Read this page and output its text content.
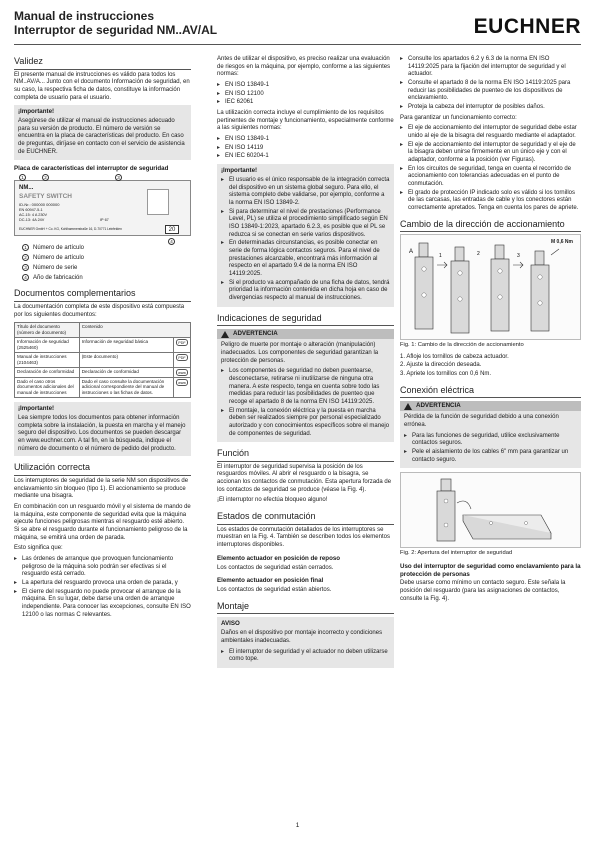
Manual de instrucciones
Interruptor de seguridad NM..AV/AL	EUCHNER
Validez

El presente manual de instrucciones es válido para todos los NM..AV/A... Junto con el documento Información de seguridad, en su caso, la respectiva ficha de datos, constituye la información completa de usuario para el usuario.

¡Importante!
Asegúrese de utilizar el manual de instrucciones adecuado para su versión de producto. El número de versión se encuentra en la placa de características del producto. En caso de preguntas, diríjase en contacto con el servicio de asistencia de EUCHNER.
Placa de características del interruptor de seguridad
1	2	3
NM...
SAFETY SWITCH
ID-Nr.: 000000 000000
EN 60947-5-1
AC-15: 4 A 230V
DC-13: 4A 24V	IP 67
EUCHNER GmbH + Co. KG, Kohlhammerstraße 16, D-70771 Leinfelden	20
4
1 Número de artículo
2 Número de artículo
3 Número de serie
4 Año de fabricación
Documentos complementarios

La documentación completa de este dispositivo está compuesta por los siguientes documentos:

Título del documento (número de documento)	Contenido	
Información de seguridad (2525460)	Información de seguridad básica	PDF
Manual de instrucciones (2104463)	(Este documento)	PDF
Declaración de conformidad	Declaración de conformidad	www
Dado el caso otros documentos adicionales del manual de instrucciones	Dado el caso consulte la documentación adicional correspondiente del manual de instrucciones o las fichas de datos.	www
¡Importante!
Lea siempre todos los documentos para obtener información completa sobre la instalación, la puesta en marcha y el manejo seguro del dispositivo. Los documentos se pueden descargar en www.euchner.com. A tal fin, en la búsqueda, indique el número de documento o el número de pedido del producto.
Utilización correcta

Los interruptores de seguridad de la serie NM son dispositivos de enclavamiento sin bloqueo (tipo 1). El accionamiento se produce mediante una bisagra.

En combinación con un resguardo móvil y el sistema de mando de la máquina, este componente de seguridad evita que la máquina ejecute funciones peligrosas mientras el resguardo esté abierto. Si se abre el resguardo durante el funcionamiento peligroso de la máquina, se emitirá una orden de parada.

Esto significa que:

▸ Las órdenes de arranque que provoquen funcionamiento peligroso de la máquina solo podrán ser efectivas si el resguardo está cerrado.
▸ La apertura del resguardo provoca una orden de parada, y
▸ El cierre del resguardo no puede provocar el arranque de la máquina. En su lugar, debe darse una orden de arranque independiente. Para conocer las excepciones, consulte EN ISO 12100 o las normas C relevantes.

Antes de utilizar el dispositivo, es preciso realizar una evaluación de riesgos en la máquina, por ejemplo, conforme a las siguientes normas:

▸ EN ISO 13849-1
▸ EN ISO 12100
▸ IEC 62061

La utilización correcta incluye el cumplimiento de los requisitos pertinentes de montaje y funcionamiento, especialmente conforme a las siguientes normas:

▸ EN ISO 13849-1
▸ EN ISO 14119
▸ EN IEC 60204-1
¡Importante!
▸ El usuario es el único responsable de la integración correcta del dispositivo en un sistema global seguro. Para ello, el sistema completo debe validarse, por ejemplo, conforme a la norma EN ISO 13849-2.
▸ Si para determinar el nivel de prestaciones (Performance Level, PL) se utiliza el procedimiento simplificado según EN ISO 13849-1:2023, apartado 6.2.3, es posible que el PL se reduzca si se conectan en serie varios dispositivos.
▸ En determinadas circunstancias, es posible conectar en serie de forma lógica contactos seguros. Para el nivel de prestaciones alcanzable, encontrará más información al respecto en el apartado 9.4 de la norma EN ISO 14119:2025.
▸ Si el producto va acompañado de una ficha de datos, tendrá prioridad la información contenida en dicha hoja en caso de divergencias respecto al manual de instrucciones.
Indicaciones de seguridad
ADVERTENCIA

Peligro de muerte por montaje o alteración (manipulación) inadecuados. Los componentes de seguridad garantizan la protección de personas.

▸ Los componentes de seguridad no deben puentearse, desconectarse, retirarse ni inutilizarse de ninguna otra manera. A este respecto, tenga en cuenta sobre todo las medidas para reducir las posibilidades de puenteo que recoge el apartado 8 de la norma EN ISO 14119:2025.
▸ El montaje, la conexión eléctrica y la puesta en marcha deben ser realizados siempre por personal especializado autorizado y con conocimientos específicos sobre el manejo de componentes de seguridad.
Función

El interruptor de seguridad supervisa la posición de los resguardos móviles. Al abrir el resguardo o la bisagra, se accionan los contactos de conmutación. Esta apertura forzada de los contactos de seguridad se produce (véase la Fig. 4).

¡El interruptor no efectúa bloqueo alguno!

Estados de conmutación

Los estados de conmutación detallados de los interruptores se muestran en la Fig. 4. También se describen todos los elementos interruptores disponibles.

Elemento actuador en posición de reposo

Los contactos de seguridad están cerrados.

Elemento actuador en posición final

Los contactos de seguridad están abiertos.

Montaje
AVISO

Daños en el dispositivo por montaje incorrecto y condiciones ambientales inadecuadas.

▸ El interruptor de seguridad y el actuador no deben utilizarse como tope.
▸ Consulte los apartados 6.2 y 6.3 de la norma EN ISO 14119:2025 para la fijación del interruptor de seguridad y el actuador.
▸ Consulte el apartado 8 de la norma EN ISO 14119:2025 para reducir las posibilidades de puenteo de los dispositivos de enclavamiento.
▸ Proteja la cabeza del interruptor de posibles daños.

Para garantizar un funcionamiento correcto:

▸ El eje de accionamiento del interruptor de seguridad debe estar unido al eje de la bisagra del resguardo mediante el adaptador.
▸ El eje de accionamiento del interruptor de seguridad y el eje de la bisagra deben unirse firmemente en un único eje y con el adaptador, conforme a la posición (ver Figuras).
▸ En los circuitos de seguridad, tenga en cuenta el recorrido de accionamiento con tolerancias adecuadas en el punto de conmutación.
▸ El grado de protección IP indicado solo es válido si los tornillos de las carcasas, las entradas de cable y los conectores están correctamente apretados. Tenga en cuenta los pares de apriete.
Cambio de la dirección de accionamiento
A
1	2	3
M 0,6 Nm
Fig. 1: Cambio de la dirección de accionamiento
1. Afloje los tornillos de cabeza actuador.
2. Ajuste la dirección deseada.
3. Apriete los tornillos con 0,6 Nm.
Conexión eléctrica
ADVERTENCIA

Pérdida de la función de seguridad debido a una conexión errónea.

▸ Para las funciones de seguridad, utilice exclusivamente contactos seguros.
▸ Pele el aislamiento de los cables 6" mm para garantizar un contacto seguro.
Fig. 2: Apertura del interruptor de seguridad
Uso del interruptor de seguridad como enclavamiento para la protección de personas

Debe usarse como mínimo un contacto seguro. Este señala la posición del resguardo (para las asignaciones de contactos, consulte la Fig. 4).

1
